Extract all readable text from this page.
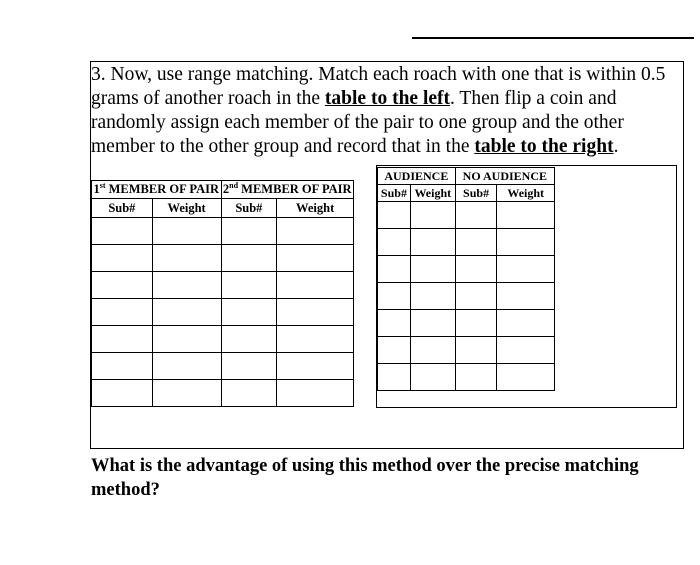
3. Now, use range matching. Match each roach with one that is within 0.5 grams of another roach in the table to the left. Then flip a coin and randomly assign each member of the pair to one group and the other member to the other group and record that in the table to the right.

1st MEMBER OF PAIR		2nd MEMBER OF PAIR	
Sub#	Weight	Sub#	Weight

AUDIENCE		NO AUDIENCE	
Sub#	Weight	Sub#	Weight

What is the advantage of using this method over the precise matching method?
